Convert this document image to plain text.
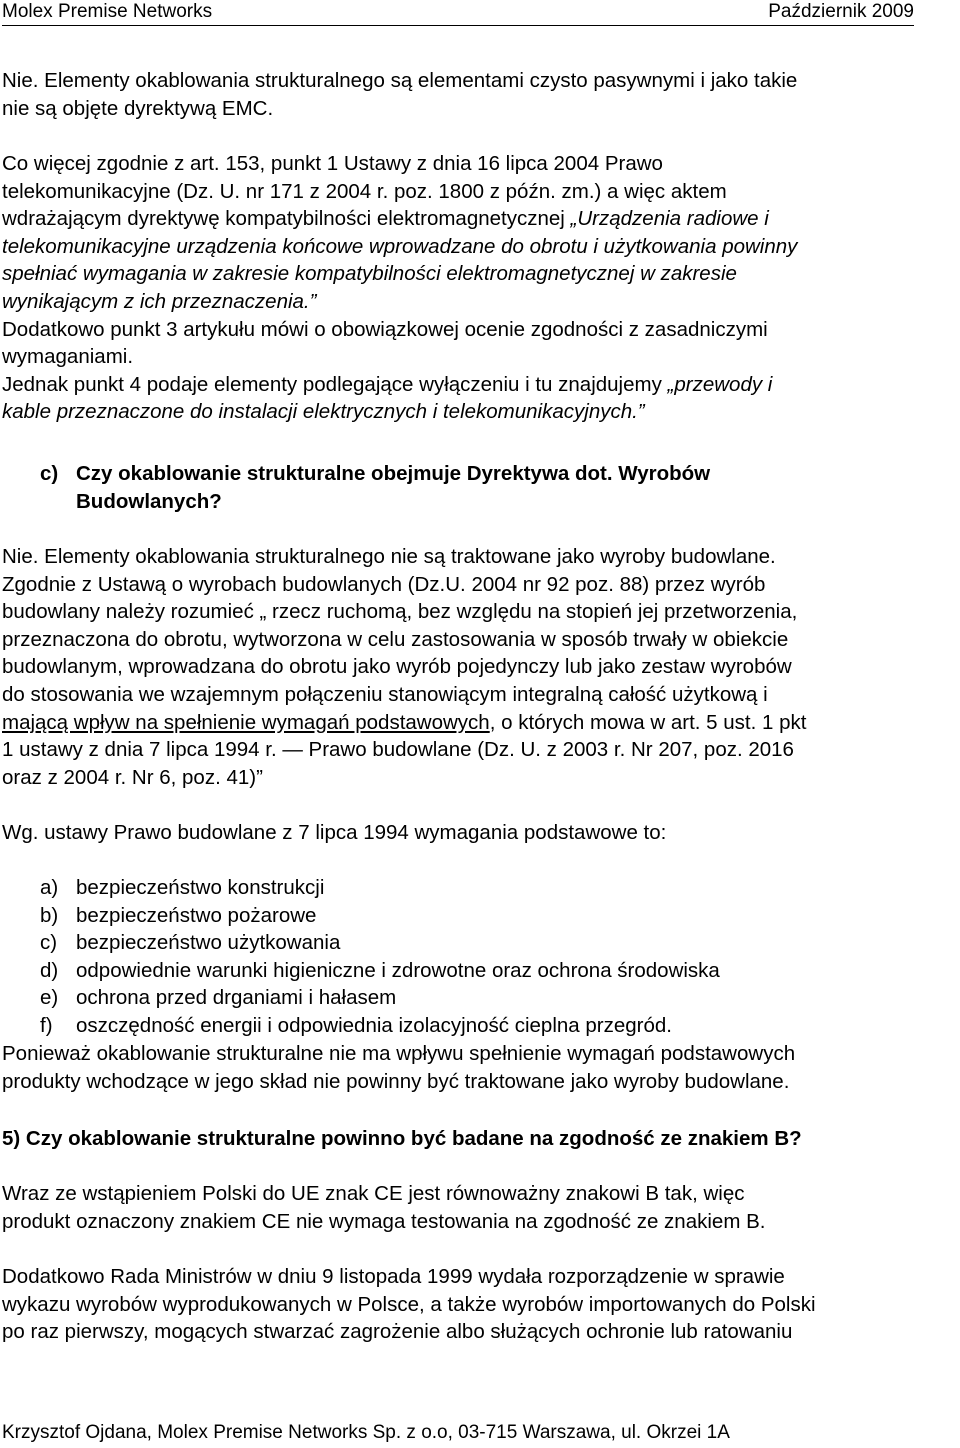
Molex Premise Networks	Październik 2009

Nie. Elementy okablowania strukturalnego są elementami czysto pasywnymi i jako takie

nie są objęte dyrektywą EMC.

Co więcej zgodnie z art. 153, punkt 1 Ustawy z dnia 16 lipca 2004 Prawo

telekomunikacyjne (Dz. U. nr 171 z 2004 r. poz. 1800 z późn. zm.) a więc aktem

wdrażającym dyrektywę kompatybilności elektromagnetycznej „Urządzenia radiowe i

telekomunikacyjne urządzenia końcowe wprowadzane do obrotu i użytkowania powinny

spełniać wymagania w zakresie kompatybilności elektromagnetycznej w zakresie

wynikającym z ich przeznaczenia.”

Dodatkowo punkt 3 artykułu mówi o obowiązkowej ocenie zgodności z zasadniczymi

wymaganiami.

Jednak punkt 4 podaje elementy podlegające wyłączeniu i tu znajdujemy „przewody i

kable przeznaczone do instalacji elektrycznych i telekomunikacyjnych.”

c) Czy okablowanie strukturalne obejmuje Dyrektywa dot. Wyrobów
Budowlanych?

Nie. Elementy okablowania strukturalnego nie są traktowane jako wyroby budowlane.

Zgodnie z Ustawą o wyrobach budowlanych (Dz.U. 2004 nr 92 poz. 88) przez wyrób

budowlany należy rozumieć „ rzecz ruchomą, bez względu na stopień jej przetworzenia,

przeznaczona do obrotu, wytworzona w celu zastosowania w sposób trwały w obiekcie

budowlanym, wprowadzana do obrotu jako wyrób pojedynczy lub jako zestaw wyrobów

do stosowania we wzajemnym połączeniu stanowiącym integralną całość użytkową i

mającą wpływ na spełnienie wymagań podstawowych, o których mowa w art. 5 ust. 1 pkt

1 ustawy z dnia 7 lipca 1994 r. — Prawo budowlane (Dz. U. z 2003 r. Nr 207, poz. 2016

oraz z 2004 r. Nr 6, poz. 41)”

Wg. ustawy Prawo budowlane z 7 lipca 1994 wymagania podstawowe to:

a) bezpieczeństwo konstrukcji
b) bezpieczeństwo pożarowe
c) bezpieczeństwo użytkowania
d) odpowiednie warunki higieniczne i zdrowotne oraz ochrona środowiska
e) ochrona przed drganiami i hałasem
f) oszczędność energii i odpowiednia izolacyjność cieplna przegród.

Ponieważ okablowanie strukturalne nie ma wpływu spełnienie wymagań podstawowych

produkty wchodzące w jego skład nie powinny być traktowane jako wyroby budowlane.

5) Czy okablowanie strukturalne powinno być badane na zgodność ze znakiem B?

Wraz ze wstąpieniem Polski do UE znak CE jest równoważny znakowi B tak, więc

produkt oznaczony znakiem CE nie wymaga testowania na zgodność ze znakiem B.

Dodatkowo Rada Ministrów w dniu 9 listopada 1999 wydała rozporządzenie w sprawie

wykazu wyrobów wyprodukowanych w Polsce, a także wyrobów importowanych do Polski

po raz pierwszy, mogących stwarzać zagrożenie albo służących ochronie lub ratowaniu

Krzysztof Ojdana, Molex Premise Networks Sp. z o.o, 03-715 Warszawa, ul. Okrzei 1A
